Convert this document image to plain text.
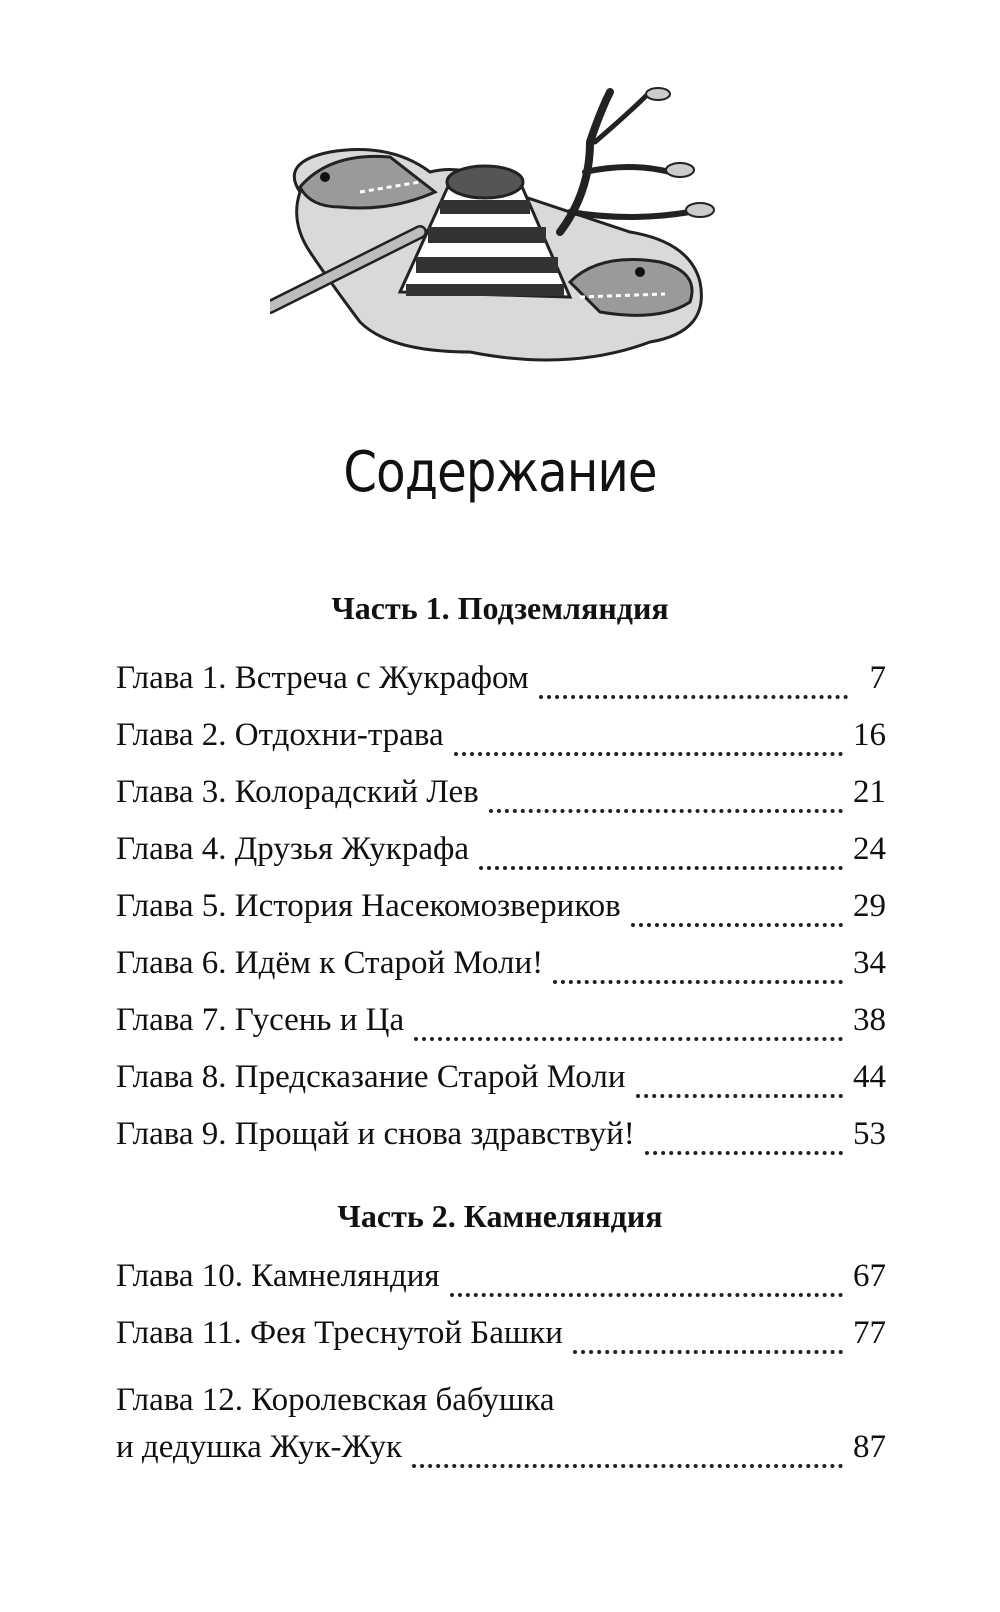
Содержание
Часть 1. Подземляндия
Глава 1. Встреча с Жукрафом	7
Глава 2. Отдохни-трава	16
Глава 3. Колорадский Лев	21
Глава 4. Друзья Жукрафа	24
Глава 5. История Насекомозвериков	29
Глава 6. Идём к Старой Моли!	34
Глава 7. Гусень и Ца	38
Глава 8. Предсказание Старой Моли	44
Глава 9. Прощай и снова здравствуй!	53
Часть 2. Камнеляндия
Глава 10. Камнеляндия	67
Глава 11. Фея Треснутой Башки	77
Глава 12. Королевская бабушка
и дедушка Жук-Жук	87
